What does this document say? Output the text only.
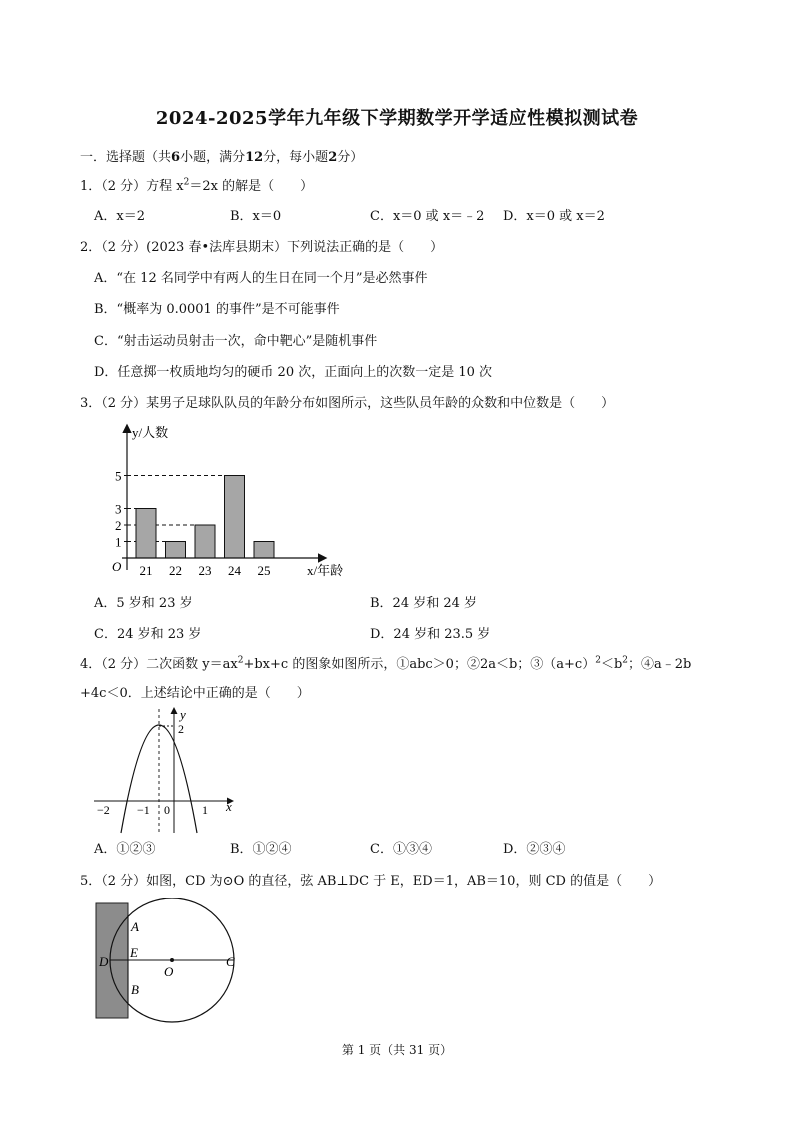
2024-2025学年九年级下学期数学开学适应性模拟测试卷
一．选择题（共6小题，满分12分，每小题2分）
1．（2 分）方程 $x^2=2x$ 的解是（　　）
A．x＝2	B．x＝0	C．x＝0 或 x＝﹣2 D．x＝0 或 x＝2
2．（2 分）(2023 春•法库县期末）下列说法正确的是（　　）
A．“在 12 名同学中有两人的生日在同一个月”是必然事件
B．“概率为 0.0001 的事件”是不可能事件
C．“射击运动员射击一次，命中靶心”是随机事件
D．任意掷一枚质地均匀的硬币 20 次，正面向上的次数一定是 10 次
3．（2 分）某男子足球队队员的年龄分布如图所示，这些队员年龄的众数和中位数是（　　）
y/人数
x/年龄
O
1
2
3
5
21 22 23 24 25
A．5 岁和 23 岁	B．24 岁和 24 岁
C．24 岁和 23 岁	D．24 岁和 23.5 岁
4．（2 分）二次函数 $y=ax^2+bx+c$ 的图象如图所示，①abc＞0；②2a＜b；$③(a+c)^2<b^2$；④a﹣2b
+4c＜0．上述结论中正确的是（　　）
y
x
2
−2 −1 0	1
A．①②③	B．①②④	C．①③④	D．②③④
5．（2 分）如图，CD 为⊙O 的直径，弦 AB⊥DC 于 E，ED＝1，AB＝10，则 CD 的值是（　　）
A
E
D
O
C
B
第 1 页（共 31 页）
